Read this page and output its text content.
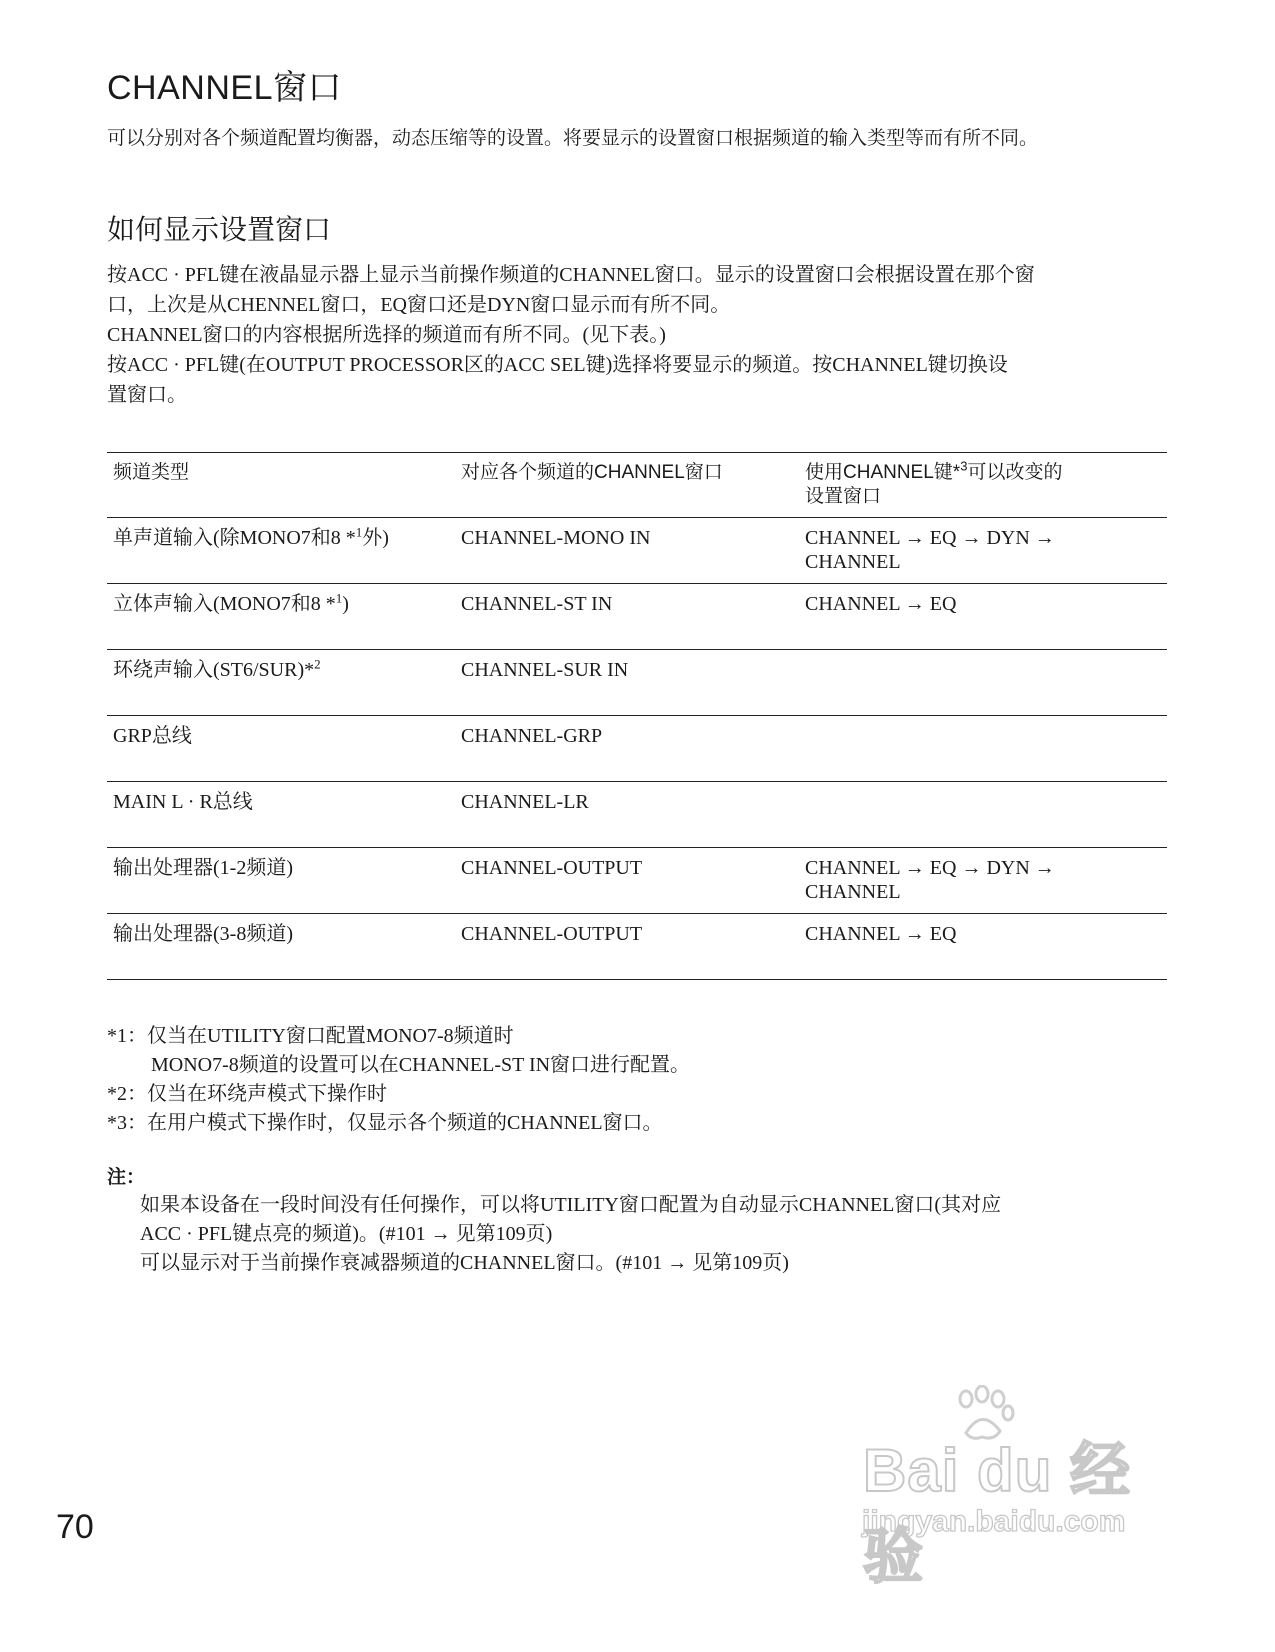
CHANNEL窗口

可以分别对各个频道配置均衡器，动态压缩等的设置。将要显示的设置窗口根据频道的输入类型等而有所不同。

如何显示设置窗口

按ACC · PFL键在液晶显示器上显示当前操作频道的CHANNEL窗口。显示的设置窗口会根据设置在那个窗

口，上次是从CHENNEL窗口，EQ窗口还是DYN窗口显示而有所不同。

CHANNEL窗口的内容根据所选择的频道而有所不同。(见下表。)

按ACC · PFL键(在OUTPUT PROCESSOR区的ACC SEL键)选择将要显示的频道。按CHANNEL键切换设

置窗口。

频道类型	对应各个频道的CHANNEL窗口	使用CHANNEL键*$^3$可以改变的
设置窗口
单声道输入(除MONO7和8 *$^1$外)	CHANNEL-MONO IN	CHANNEL → EQ → DYN →
CHANNEL
立体声输入(MONO7和8 *$^1$)	CHANNEL-ST IN	CHANNEL → EQ
环绕声输入(ST6/SUR)*$^2$	CHANNEL-SUR IN	
GRP总线	CHANNEL-GRP	
MAIN L · R总线	CHANNEL-LR	
输出处理器(1-2频道)	CHANNEL-OUTPUT	CHANNEL → EQ → DYN →
CHANNEL
输出处理器(3-8频道)	CHANNEL-OUTPUT	CHANNEL → EQ
*1：仅当在UTILITY窗口配置MONO7-8频道时
MONO7-8频道的设置可以在CHANNEL-ST IN窗口进行配置。
*2：仅当在环绕声模式下操作时
*3：在用户模式下操作时，仅显示各个频道的CHANNEL窗口。
注：
如果本设备在一段时间没有任何操作，可以将UTILITY窗口配置为自动显示CHANNEL窗口(其对应
ACC · PFL键点亮的频道)。(#101 → 见第109页)
可以显示对于当前操作衰减器频道的CHANNEL窗口。(#101 → 见第109页)
70
Bai du 经验
jingyan.baidu.com
